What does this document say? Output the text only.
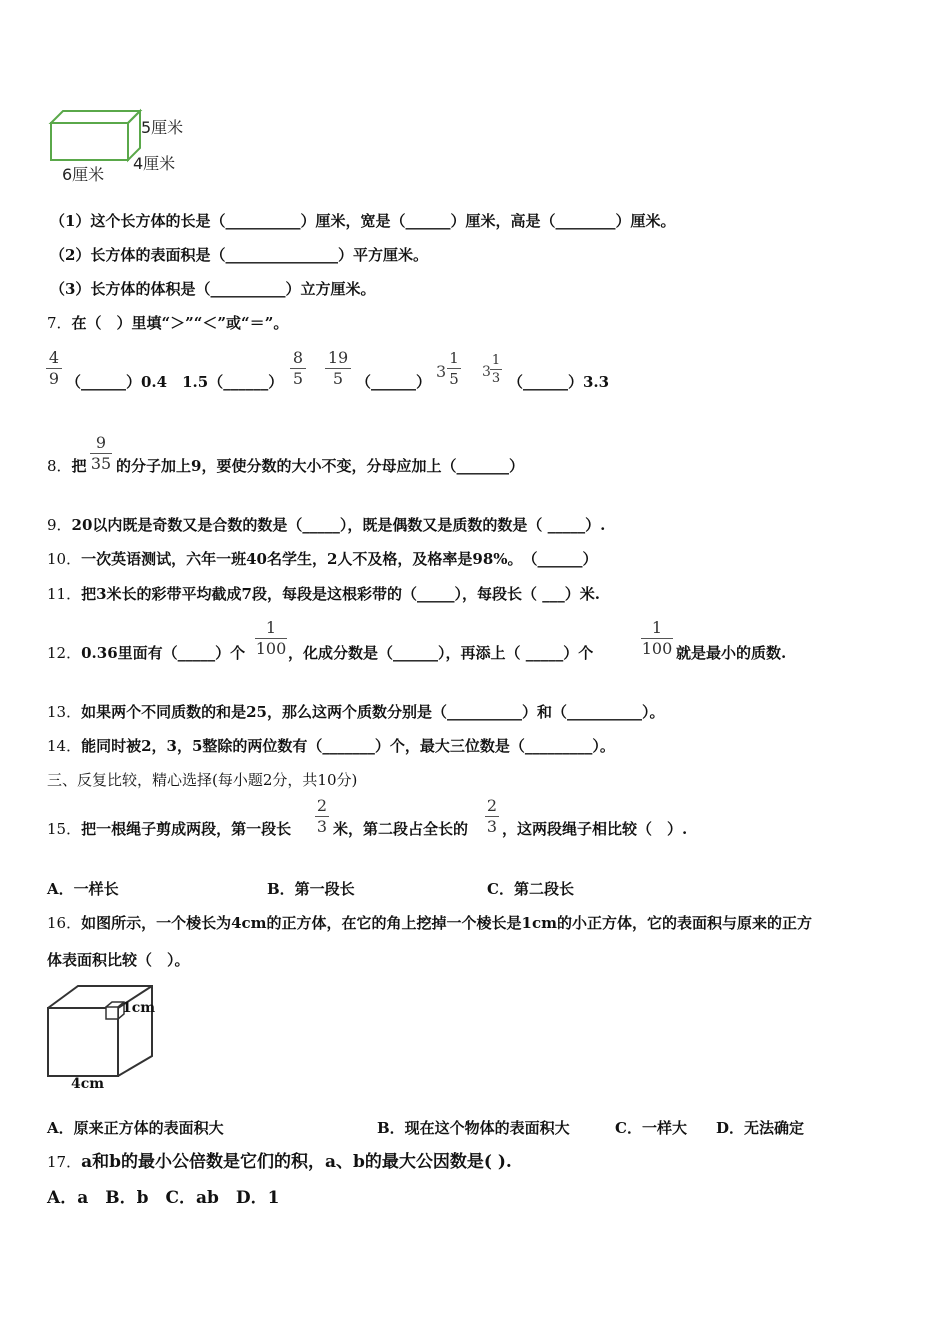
5厘米
4厘米
6厘米
（1）这个长方体的长是（__________）厘米，宽是（______）厘米，高是（________）厘米。
（2）长方体的表面积是（_______________）平方厘米。
（3）长方体的体积是（__________）立方厘米。
7．在（　）里填“＞”“＜”或“＝”。
4
9 （______）0.4　1.5（______）
8
5
19
5 （______）
3
1
5 3
1
3 （______）3.3
8．把
9
35 的分子加上9，要使分数的大小不变，分母应加上（_______）
9．20以内既是奇数又是合数的数是（_____），既是偶数又是质数的数是（ _____）.
10．一次英语测试，六年一班40名学生，2人不及格，及格率是98%。　（______）
11．把3米长的彩带平均截成7段，每段是这根彩带的（_____），每段长（ ___）米.
12．0.36里面有（_____）个
1
100 ，化成分数是（______），再添上（ _____）个
1
100 就是最小的质数.
13．如果两个不同质数的和是25，那么这两个质数分别是（__________）和（__________）。
14．能同时被2，3，5整除的两位数有（_______）个，最大三位数是（_________）。
三、反复比较，精心选择(每小题2分，共10分)
15．把一根绳子剪成两段，第一段长
2
3 米，第二段占全长的
2
3 ，这两段绳子相比较（　）.
A．一样长	B．第一段长	C．第二段长
16．如图所示，一个棱长为4cm的正方体，在它的角上挖掉一个棱长是1cm的小正方体，它的表面积与原来的正方
体表面积比较（　）。
1cm
4cm
A．原来正方体的表面积大	B．现在这个物体的表面积大	C．一样大 D．无法确定
17．a和b的最小公倍数是它们的积，a、b的最大公因数是( ).
A．a　B．b　C．ab　D．1
